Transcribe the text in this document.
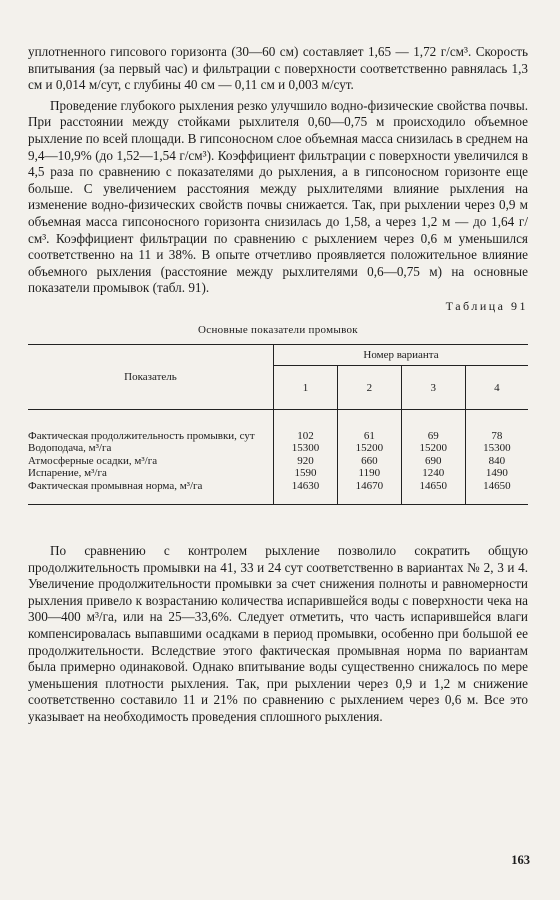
уплотненного гипсового горизонта (30—60 см) составляет 1,65 — 1,72 г/см³. Скорость впитывания (за первый час) и фильтрации с поверхности соответственно равнялась 1,3 см и 0,014 м/сут, с глубины 40 см — 0,11 см и 0,003 м/сут.

Проведение глубокого рыхления резко улучшило водно-физические свойства почвы. При расстоянии между стойками рыхлителя 0,60—0,75 м происходило объемное рыхление по всей площади. В гипсоносном слое объемная масса снизилась в среднем на 9,4—10,9% (до 1,52—1,54 г/см³). Коэффициент фильтрации с поверхности увеличился в 4,5 раза по сравнению с показателями до рыхления, а в гипсоносном горизонте еще больше. С увеличением расстояния между рыхлителями влияние рыхления на изменение водно-физических свойств почвы снижается. Так, при рыхлении через 0,9 м объемная масса гипсоносного горизонта снизилась до 1,58, а через 1,2 м — до 1,64 г/см³. Коэффициент фильтрации по сравнению с рыхлением через 0,6 м уменьшился соответственно на 11 и 38%. В опыте отчетливо проявляется положительное влияние объемного рыхления (расстояние между рыхлителями 0,6—0,75 м) на основные показатели промывок (табл. 91).

Таблица 91
Основные показатели промывок
Показатель	Номер варианта			
	1	2	3	4
Фактическая продолжительность промывки, сут	102	61	69	78
Водоподача, м³/га	15300	15200	15200	15300
Атмосферные осадки, м³/га	920	660	690	840
Испарение, м³/га	1590	1190	1240	1490
Фактическая промывная норма, м³/га	14630	14670	14650	14650

По сравнению с контролем рыхление позволило сократить общую продолжительность промывки на 41, 33 и 24 сут соответственно в вариантах № 2, 3 и 4. Увеличение продолжительности промывки за счет снижения полноты и равномерности рыхления привело к возрастанию количества испарившейся воды с поверхности чека на 300—400 м³/га, или на 25—33,6%. Следует отметить, что часть испарившейся влаги компенсировалась выпавшими осадками в период промывки, особенно при большой ее продолжительности. Вследствие этого фактическая промывная норма по вариантам была примерно одинаковой. Однако впитывание воды существенно снижалось по мере уменьшения плотности рыхления. Так, при рыхлении через 0,9 и 1,2 м снижение соответственно составило 11 и 21% по сравнению с рыхлением через 0,6 м. Все это указывает на необходимость проведения сплошного рыхления.

163
